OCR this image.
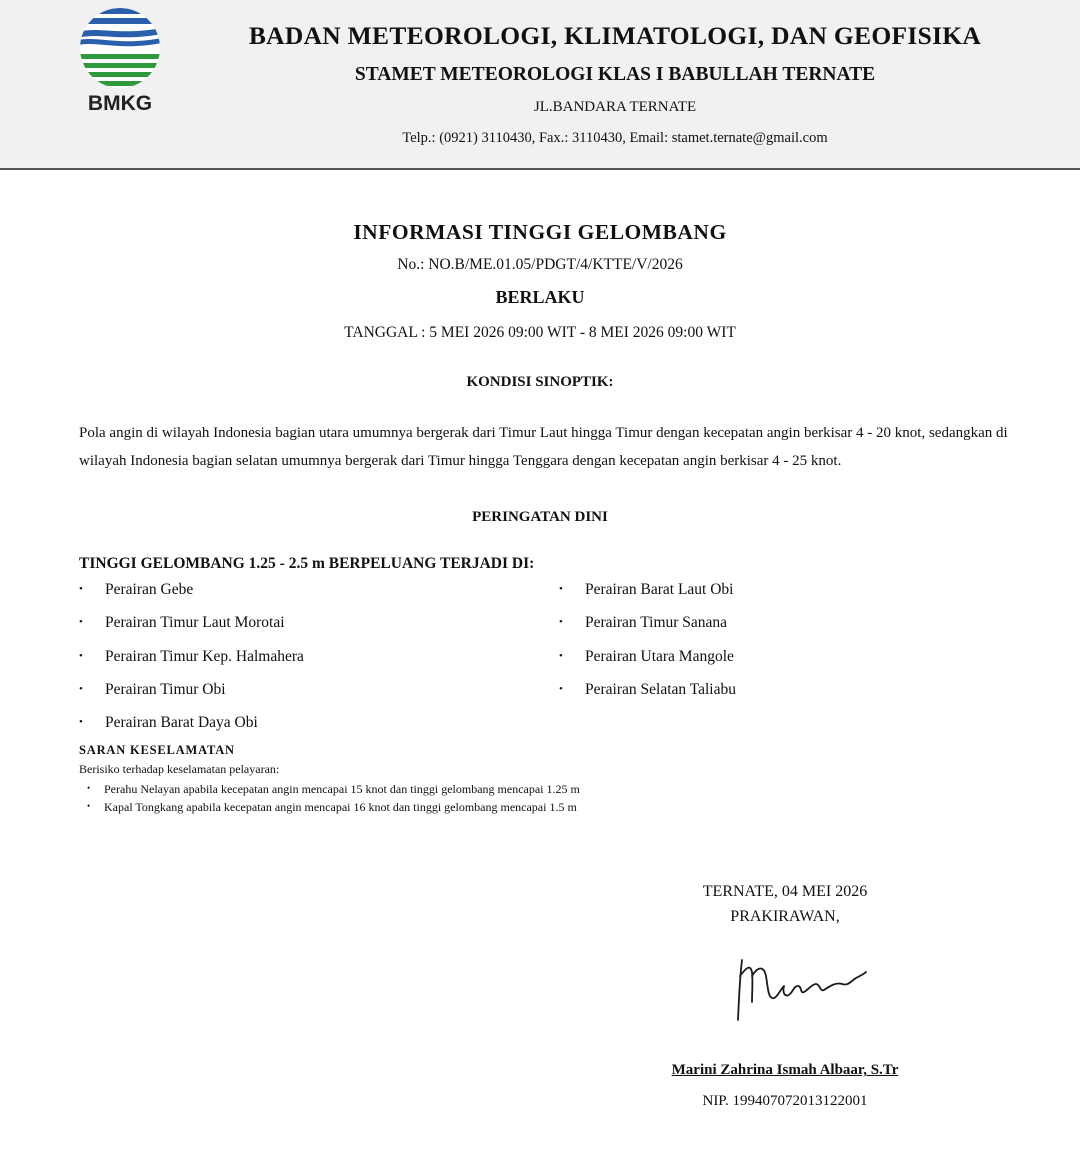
BMKG
BADAN METEOROLOGI, KLIMATOLOGI, DAN GEOFISIKA
STAMET METEOROLOGI KLAS I BABULLAH TERNATE
JL.BANDARA TERNATE
Telp.: (0921) 3110430, Fax.: 3110430, Email: stamet.ternate@gmail.com
INFORMASI TINGGI GELOMBANG
No.: NO.B/ME.01.05/PDGT/4/KTTE/V/2026
BERLAKU
TANGGAL : 5 MEI 2026 09:00 WIT - 8 MEI 2026 09:00 WIT
KONDISI SINOPTIK:

Pola angin di wilayah Indonesia bagian utara umumnya bergerak dari Timur Laut hingga Timur dengan kecepatan angin berkisar 4 - 20 knot, sedangkan di wilayah Indonesia bagian selatan umumnya bergerak dari Timur hingga Tenggara dengan kecepatan angin berkisar 4 - 25 knot.

PERINGATAN DINI
TINGGI GELOMBANG 1.25 - 2.5 m BERPELUANG TERJADI DI:
• Perairan Gebe
• Perairan Timur Laut Morotai
• Perairan Timur Kep. Halmahera
• Perairan Timur Obi
• Perairan Barat Daya Obi
• Perairan Barat Laut Obi
• Perairan Timur Sanana
• Perairan Utara Mangole
• Perairan Selatan Taliabu
SARAN KESELAMATAN
Berisiko terhadap keselamatan pelayaran:
• Perahu Nelayan apabila kecepatan angin mencapai 15 knot dan tinggi gelombang mencapai 1.25 m
• Kapal Tongkang apabila kecepatan angin mencapai 16 knot dan tinggi gelombang mencapai 1.5 m
TERNATE, 04 MEI 2026
PRAKIRAWAN,
Marini Zahrina Ismah Albaar, S.Tr
NIP. 199407072013122001
